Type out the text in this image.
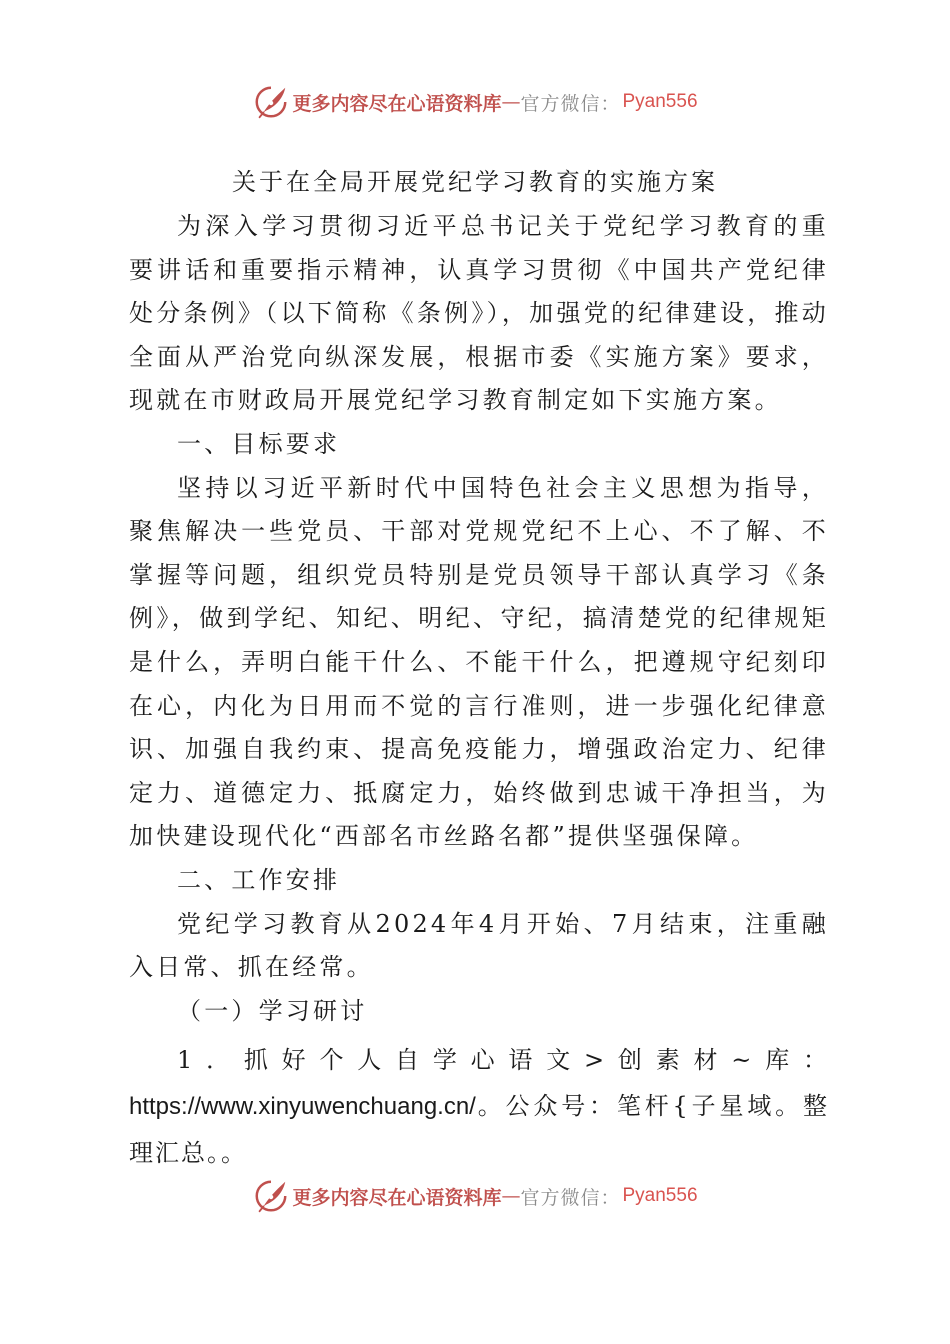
更多内容尽在心语资料库 — 官方微信： Pyan556
关于在全局开展党纪学习教育的实施方案

为深入学习贯彻习近平总书记关于党纪学习教育的重要讲话和重要指示精神，认真学习贯彻《中国共产党纪律处分条例》（以下简称《条例》），加强党的纪律建设，推动全面从严治党向纵深发展，根据市委《实施方案》要求，现就在市财政局开展党纪学习教育制定如下实施方案。

一、目标要求

坚持以习近平新时代中国特色社会主义思想为指导，聚焦解决一些党员、干部对党规党纪不上心、不了解、不掌握等问题，组织党员特别是党员领导干部认真学习《条例》，做到学纪、知纪、明纪、守纪，搞清楚党的纪律规矩是什么，弄明白能干什么、不能干什么，把遵规守纪刻印在心，内化为日用而不觉的言行准则，进一步强化纪律意识、加强自我约束、提高免疫能力，增强政治定力、纪律定力、道德定力、抵腐定力，始终做到忠诚干净担当，为加快建设现代化“西部名市丝路名都”提供坚强保障。

二、工作安排

党纪学习教育从2024年4月开始、7月结束，注重融入日常、抓在经常。

（一）学习研讨

1．抓好个人自学心语文>创素材~库：https://www.xinyuwenchuang.cn/。公众号：笔杆{子星域。整理汇总。。

更多内容尽在心语资料库 — 官方微信： Pyan556
